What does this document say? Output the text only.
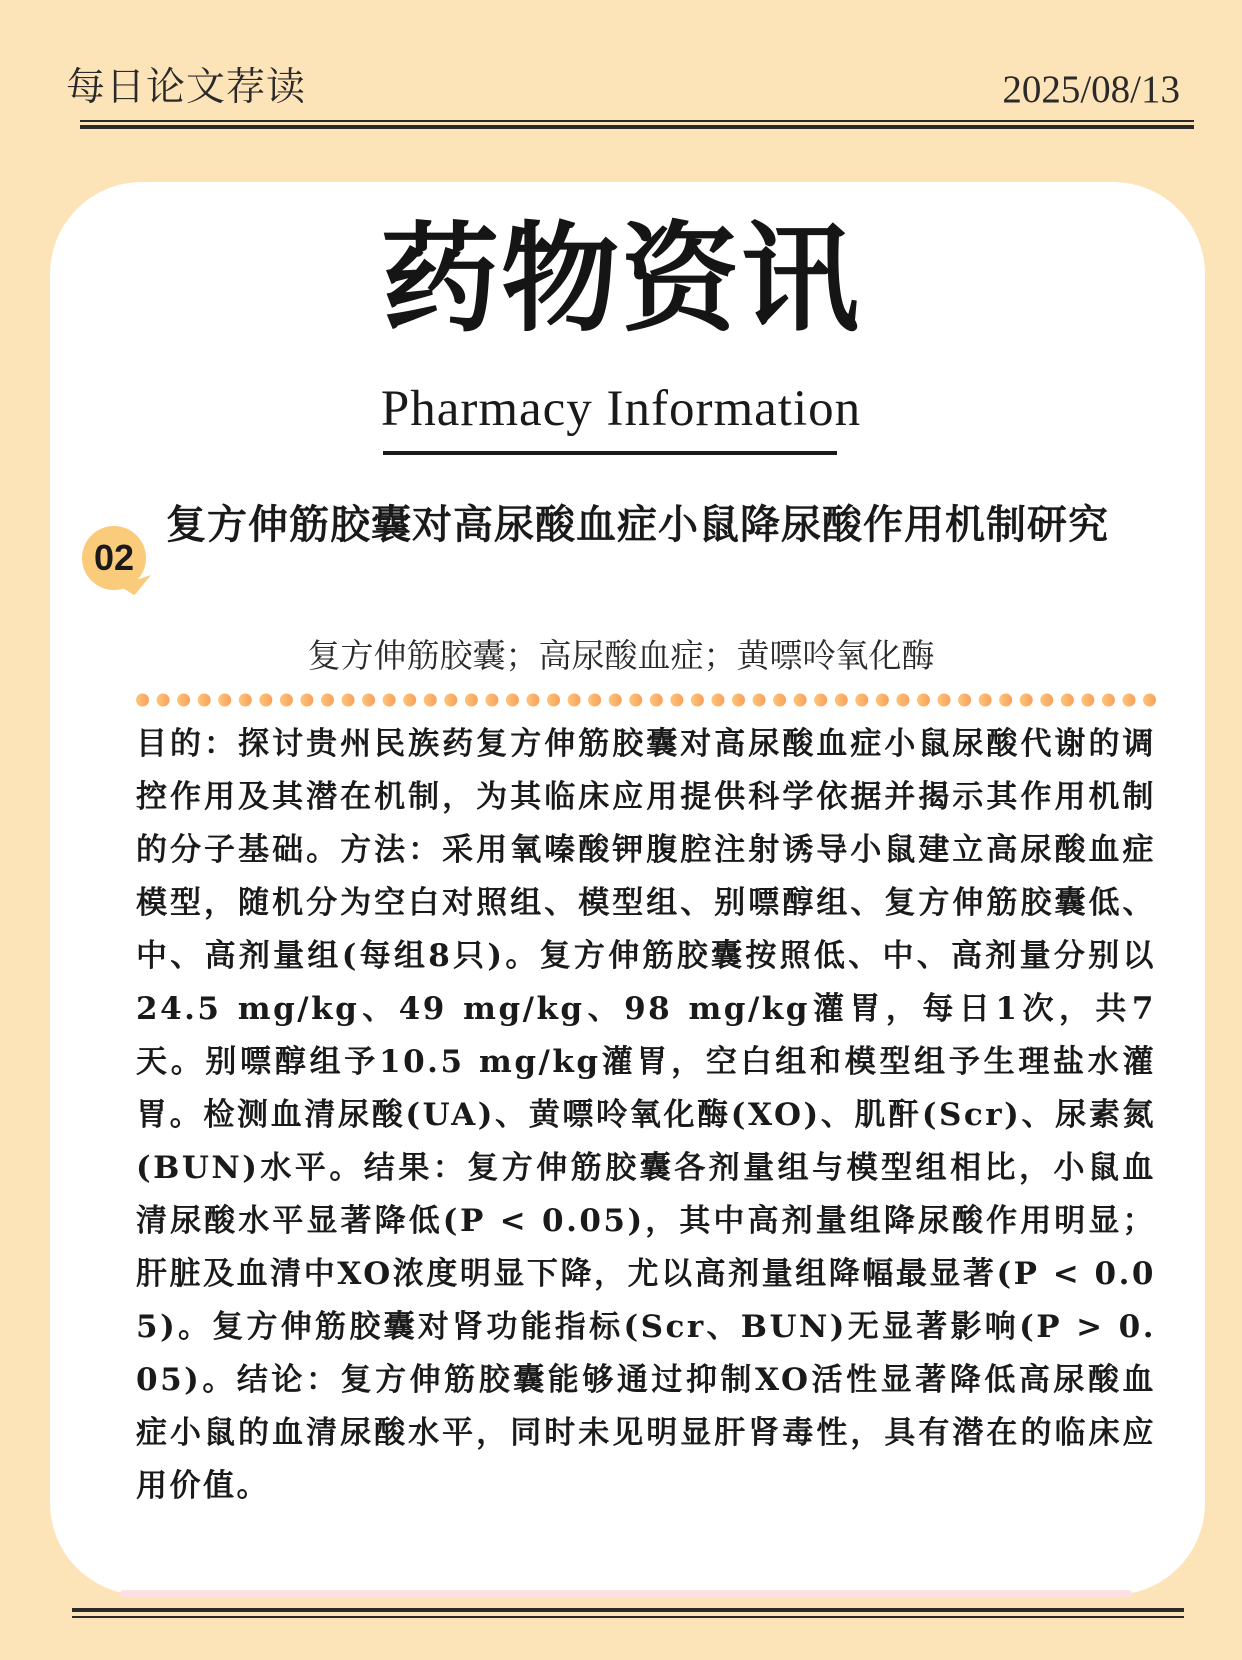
每日论文荐读	2025/08/13
药物资讯
Pharmacy Information
02
复方伸筋胶囊对高尿酸血症小鼠降尿酸作用机制研究
复方伸筋胶囊；高尿酸血症；黄嘌呤氧化酶
目的：探讨贵州民族药复方伸筋胶囊对高尿酸血症小鼠尿酸代谢的调控作用及其潜在机制，为其临床应用提供科学依据并揭示其作用机制的分子基础。方法：采用氧嗪酸钾腹腔注射诱导小鼠建立高尿酸血症模型，随机分为空白对照组、模型组、别嘌醇组、复方伸筋胶囊低、中、高剂量组(每组8只)。复方伸筋胶囊按照低、中、高剂量分别以24.5 mg/kg、49 mg/kg、98 mg/kg灌胃，每日1次，共7天。别嘌醇组予10.5 mg/kg灌胃，空白组和模型组予生理盐水灌胃。检测血清尿酸(UA)、黄嘌呤氧化酶(XO)、肌酐(Scr)、尿素氮(BUN)水平。结果：复方伸筋胶囊各剂量组与模型组相比，小鼠血清尿酸水平显著降低(P < 0.05)，其中高剂量组降尿酸作用明显；肝脏及血清中XO浓度明显下降，尤以高剂量组降幅最显著(P < 0.05)。复方伸筋胶囊对肾功能指标(Scr、BUN)无显著影响(P > 0.05)。结论：复方伸筋胶囊能够通过抑制XO活性显著降低高尿酸血症小鼠的血清尿酸水平，同时未见明显肝肾毒性，具有潜在的临床应用价值。
